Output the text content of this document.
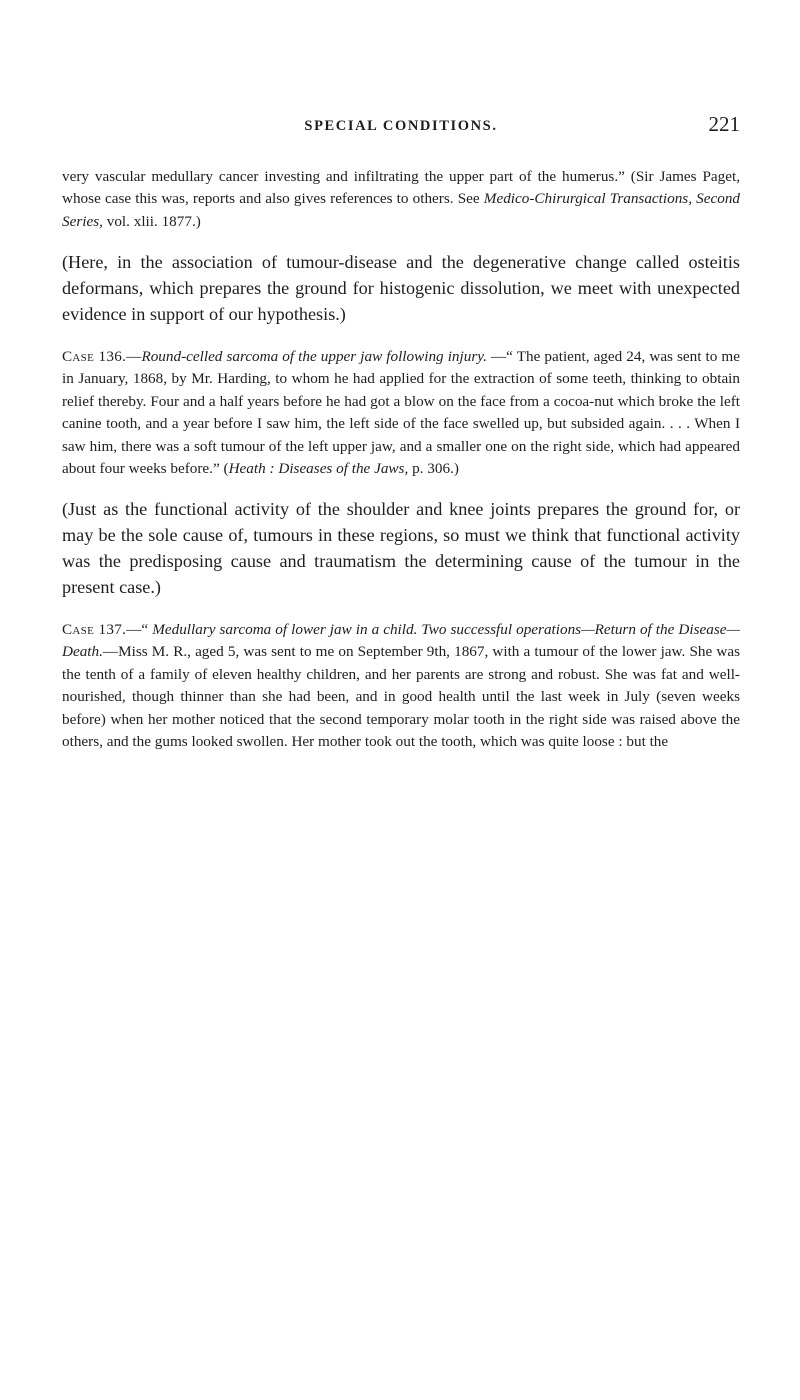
SPECIAL CONDITIONS.	221

very vascular medullary cancer investing and infiltrating the upper part of the humerus.” (Sir James Paget, whose case this was, reports and also gives references to others. See Medico-Chirurgical Transactions, Second Series, vol. xlii. 1877.)

(Here, in the association of tumour-disease and the degenerative change called osteitis deformans, which prepares the ground for histogenic dissolution, we meet with unexpected evidence in support of our hypothesis.)

Case 136.—Round-celled sarcoma of the upper jaw following injury. —“ The patient, aged 24, was sent to me in January, 1868, by Mr. Harding, to whom he had applied for the extraction of some teeth, thinking to obtain relief thereby. Four and a half years before he had got a blow on the face from a cocoa-nut which broke the left canine tooth, and a year before I saw him, the left side of the face swelled up, but subsided again. . . . When I saw him, there was a soft tumour of the left upper jaw, and a smaller one on the right side, which had appeared about four weeks before.” (Heath : Diseases of the Jaws, p. 306.)

(Just as the functional activity of the shoulder and knee joints prepares the ground for, or may be the sole cause of, tumours in these regions, so must we think that functional activity was the predisposing cause and traumatism the determining cause of the tumour in the present case.)

Case 137.—“ Medullary sarcoma of lower jaw in a child. Two successful operations—Return of the Disease—Death.—Miss M. R., aged 5, was sent to me on September 9th, 1867, with a tumour of the lower jaw. She was the tenth of a family of eleven healthy children, and her parents are strong and robust. She was fat and well-nourished, though thinner than she had been, and in good health until the last week in July (seven weeks before) when her mother noticed that the second temporary molar tooth in the right side was raised above the others, and the gums looked swollen. Her mother took out the tooth, which was quite loose : but the
